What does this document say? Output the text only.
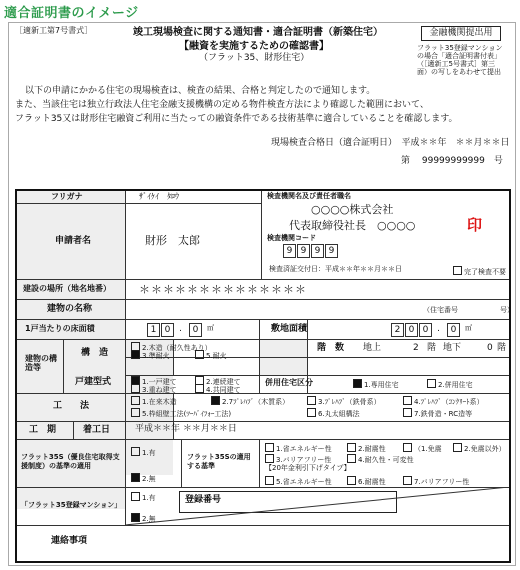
適合証明書のイメージ
［適新工第7号書式］	竣工現場検査に関する通知書・適合証明書（新築住宅）
【融資を実施するための確認書】
（フラット35、財形住宅）
金融機関提出用
フラット35登録マンション
の場合「適合証明書付表」
（［適新工5号書式］第三
面）の写しをあわせて提出
以下の申請にかかる住宅の現場検査は、検査の結果、合格と判定したので通知します。
また、当該住宅は独立行政法人住宅金融支援機構の定める物件検査方法により確認した範囲において、
フラット35又は財形住宅融資ご利用に当たっての融資条件である技術基準に適合していることを確認します。
現場検査合格日（適合証明日）　平成＊＊年　＊＊月＊＊日
第　 99999999999　号
フリガナ	ｻﾞｲｹｲ　ﾀﾛｳ
申請者名	財形　太郎
検査機関名及び責任者職名
○○○○株式会社
代表取締役社長　○○○○	印
検査機関コード
9 9 9 9
検査済証交付日：平成＊＊年＊＊月＊＊日	完了検査不要
建設の場所（地名地番）	＊＊＊＊＊＊＊＊＊＊＊＊＊＊
建物の名称	（住宅番号　　　　　　号）
1戸当たりの床面積	1 0 .	0	㎡	敷地面積	2 0 0 .	0	㎡
建物の構造等
構　造	2.木造（耐久性あり）
3.準耐火	5.耐火
階　数 地上	2 階 地下	0 階
戸建型式	1.一戸建て	2.連続建て
3.重ね建て	4.共同建て
併用住宅区分	1.専用住宅	2.併用住宅
工　　法	1.在来木造	2.7ﾌﾟﾚﾊﾌﾞ（木質系）	3.ﾌﾟﾚﾊﾌﾞ（鉄骨系）	4.ﾌﾟﾚﾊﾌﾞ（ｺﾝｸﾘｰﾄ系）
5.枠組壁工法(ﾂｰﾊﾞｲﾌｫｰ工法)	6.丸太組構法	7.鉄骨造・RC造等
工　期	着工日	平成＊＊年 ＊＊月＊＊日
フラット35S（優良住宅取得支援制度）の基準の適用
1.有
2.無
フラット35Sの適用する基準
1.省エネルギー性	2.耐震性	（1.免震	2.免震以外）
3.バリアフリー性	4.耐久性・可変性
【20年金利引下げタイプ】
5.省エネルギー性	6.耐震性	7.バリアフリー性
「フラット35登録マンション」
1.有
2.無
登録番号
連絡事項
